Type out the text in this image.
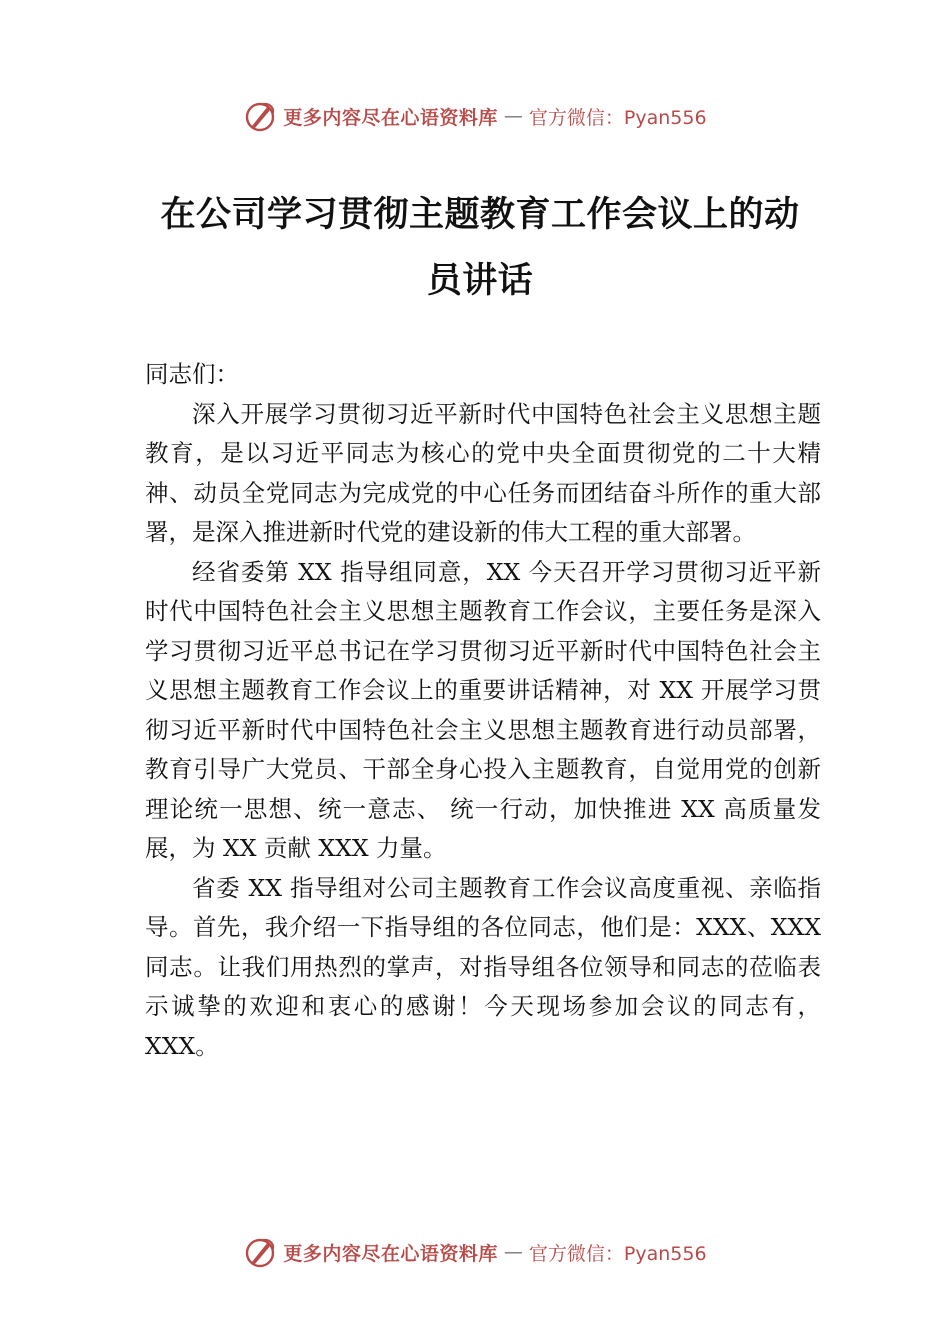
更多内容尽在心语资料库 — 官方微信：Pyan556
在公司学习贯彻主题教育工作会议上的动员讲话

同志们：

深入开展学习贯彻习近平新时代中国特色社会主义思想主题教育，是以习近平同志为核心的党中央全面贯彻党的二十大精神、动员全党同志为完成党的中心任务而团结奋斗所作的重大部署，是深入推进新时代党的建设新的伟大工程的重大部署。

经省委第 XX 指导组同意，XX 今天召开学习贯彻习近平新时代中国特色社会主义思想主题教育工作会议，主要任务是深入学习贯彻习近平总书记在学习贯彻习近平新时代中国特色社会主义思想主题教育工作会议上的重要讲话精神，对 XX 开展学习贯彻习近平新时代中国特色社会主义思想主题教育进行动员部署，教育引导广大党员、干部全身心投入主题教育，自觉用党的创新理论统一思想、统一意志、 统一行动，加快推进 XX 高质量发展，为 XX 贡献 XXX 力量。

省委 XX 指导组对公司主题教育工作会议高度重视、亲临指导。首先，我介绍一下指导组的各位同志，他们是：XXX、XXX 同志。让我们用热烈的掌声，对指导组各位领导和同志的莅临表示诚挚的欢迎和衷心的感谢！今天现场参加会议的同志有，XXX。

更多内容尽在心语资料库 — 官方微信：Pyan556
